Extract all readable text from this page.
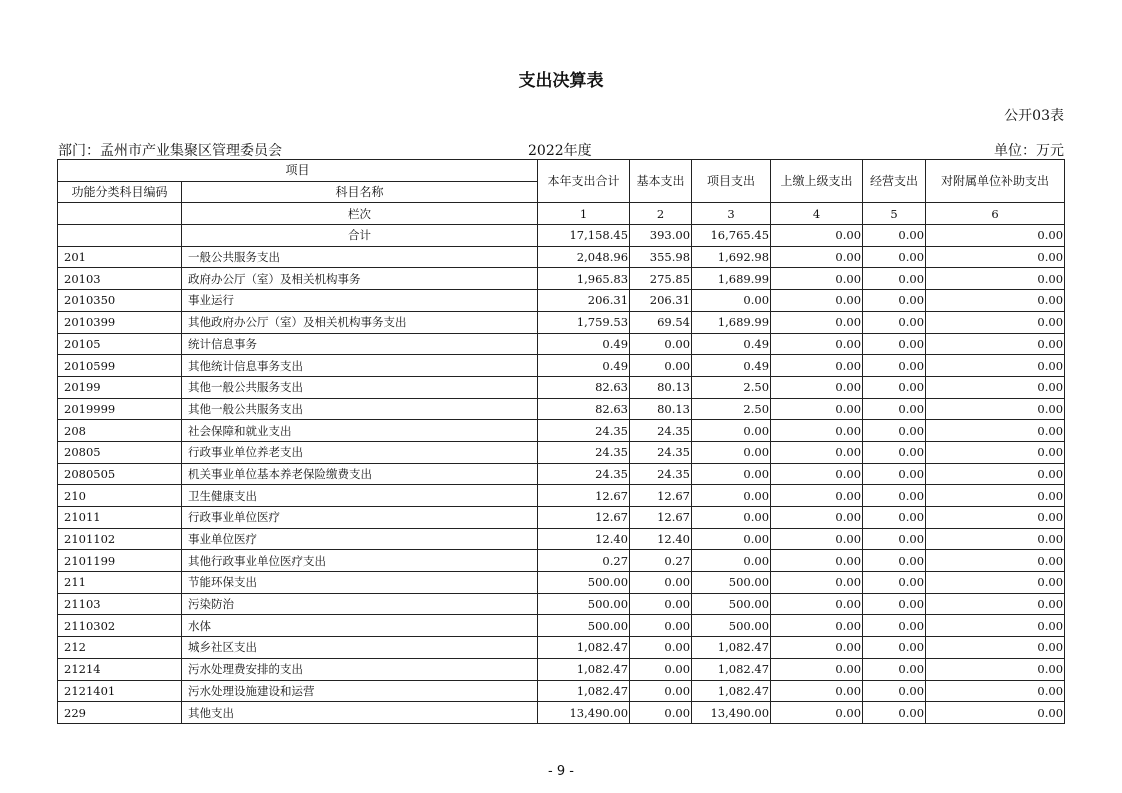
支出决算表
公开03表
部门：孟州市产业集聚区管理委员会	2022年度	单位：万元
项目		本年支出合计	基本支出	项目支出	上缴上级支出	经营支出	对附属单位补助支出
功能分类科目编码	科目名称						
	栏次	1	2	3	4	5	6
	合计	17,158.45	393.00	16,765.45	0.00	0.00	0.00
201	一般公共服务支出	2,048.96	355.98	1,692.98	0.00	0.00	0.00
20103	政府办公厅（室）及相关机构事务	1,965.83	275.85	1,689.99	0.00	0.00	0.00
2010350	事业运行	206.31	206.31	0.00	0.00	0.00	0.00
2010399	其他政府办公厅（室）及相关机构事务支出	1,759.53	69.54	1,689.99	0.00	0.00	0.00
20105	统计信息事务	0.49	0.00	0.49	0.00	0.00	0.00
2010599	其他统计信息事务支出	0.49	0.00	0.49	0.00	0.00	0.00
20199	其他一般公共服务支出	82.63	80.13	2.50	0.00	0.00	0.00
2019999	其他一般公共服务支出	82.63	80.13	2.50	0.00	0.00	0.00
208	社会保障和就业支出	24.35	24.35	0.00	0.00	0.00	0.00
20805	行政事业单位养老支出	24.35	24.35	0.00	0.00	0.00	0.00
2080505	机关事业单位基本养老保险缴费支出	24.35	24.35	0.00	0.00	0.00	0.00
210	卫生健康支出	12.67	12.67	0.00	0.00	0.00	0.00
21011	行政事业单位医疗	12.67	12.67	0.00	0.00	0.00	0.00
2101102	事业单位医疗	12.40	12.40	0.00	0.00	0.00	0.00
2101199	其他行政事业单位医疗支出	0.27	0.27	0.00	0.00	0.00	0.00
211	节能环保支出	500.00	0.00	500.00	0.00	0.00	0.00
21103	污染防治	500.00	0.00	500.00	0.00	0.00	0.00
2110302	水体	500.00	0.00	500.00	0.00	0.00	0.00
212	城乡社区支出	1,082.47	0.00	1,082.47	0.00	0.00	0.00
21214	污水处理费安排的支出	1,082.47	0.00	1,082.47	0.00	0.00	0.00
2121401	污水处理设施建设和运营	1,082.47	0.00	1,082.47	0.00	0.00	0.00
229	其他支出	13,490.00	0.00	13,490.00	0.00	0.00	0.00
- 9 -
